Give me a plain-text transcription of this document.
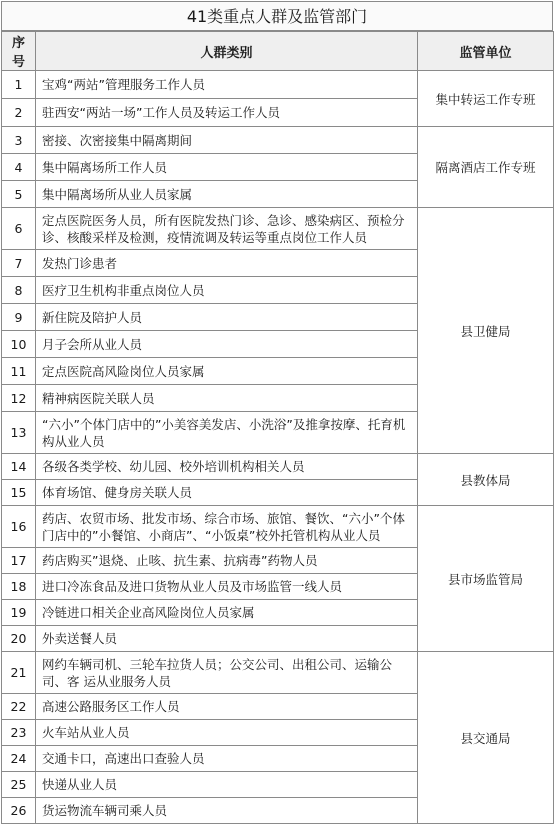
41类重点人群及监管部门
序号	人群类别	监管单位
1	宝鸡“两站”管理服务工作人员	集中转运工作专班
2	驻西安“两站一场”工作人员及转运工作人员	
3	密接、次密接集中隔离期间	隔离酒店工作专班
4	集中隔离场所工作人员	
5	集中隔离场所从业人员家属	
6	定点医院医务人员，所有医院发热门诊、急诊、感染病区、预检分诊、核酸采样及检测，疫情流调及转运等重点岗位工作人员	县卫健局
7	发热门诊患者	
8	医疗卫生机构非重点岗位人员	
9	新住院及陪护人员	
10	月子会所从业人员	
11	定点医院高风险岗位人员家属	
12	精神病医院关联人员	
13	“六小”个体门店中的”小美容美发店、小洗浴”及推拿按摩、托育机构从业人员	
14	各级各类学校、幼儿园、校外培训机构相关人员	县教体局
15	体育场馆、健身房关联人员	
16	药店、农贸市场、批发市场、综合市场、旅馆、餐饮、“六小”个体门店中的”小餐馆、小商店”、“小饭桌”校外托管机构从业人员	县市场监管局
17	药店购买”退烧、止咳、抗生素、抗病毒”药物人员	
18	进口冷冻食品及进口货物从业人员及市场监管一线人员	
19	冷链进口相关企业高风险岗位人员家属	
20	外卖送餐人员	
21	网约车辆司机、三轮车拉货人员；公交公司、出租公司、运输公司、客 运从业服务人员	县交通局
22	高速公路服务区工作人员	
23	火车站从业人员	
24	交通卡口，高速出口查验人员	
25	快递从业人员	
26	货运物流车辆司乘人员	
